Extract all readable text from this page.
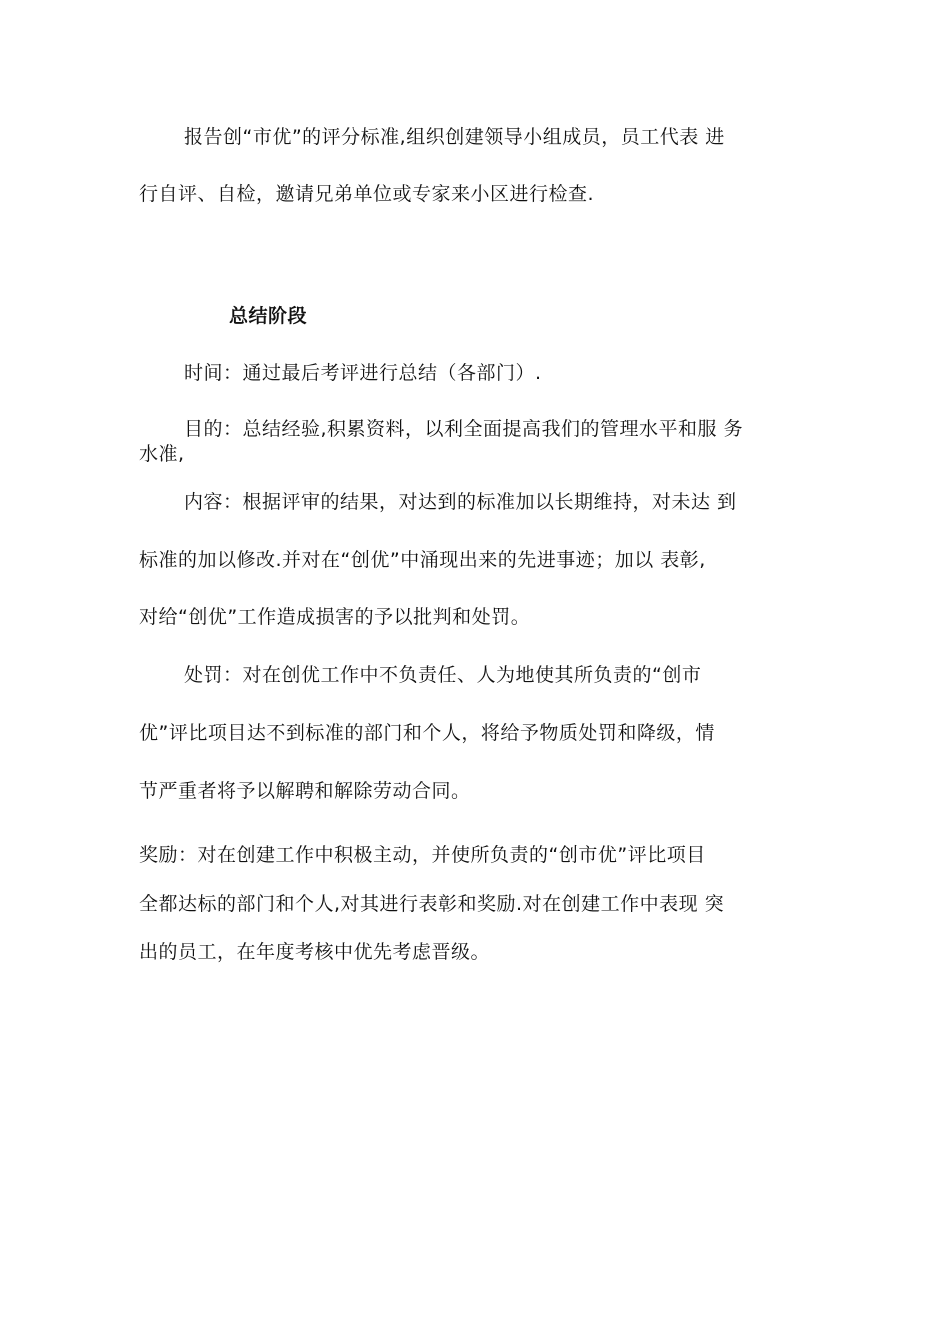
报告创“市优”的评分标准,组织创建领导小组成员，员工代表 进
行自评、自检，邀请兄弟单位或专家来小区进行检查.
总结阶段
时间：通过最后考评进行总结（各部门）.
目的：总结经验,积累资料，以利全面提高我们的管理水平和服 务
水准,
内容：根据评审的结果，对达到的标准加以长期维持，对未达 到
标准的加以修改.并对在“创优”中涌现出来的先进事迹；加以 表彰,
对给“创优”工作造成损害的予以批判和处罚。
处罚：对在创优工作中不负责任、人为地使其所负责的“创市
优”评比项目达不到标准的部门和个人，将给予物质处罚和降级，情
节严重者将予以解聘和解除劳动合同。
奖励：对在创建工作中积极主动，并使所负责的“创市优”评比项目
全都达标的部门和个人,对其进行表彰和奖励.对在创建工作中表现 突
出的员工，在年度考核中优先考虑晋级。
